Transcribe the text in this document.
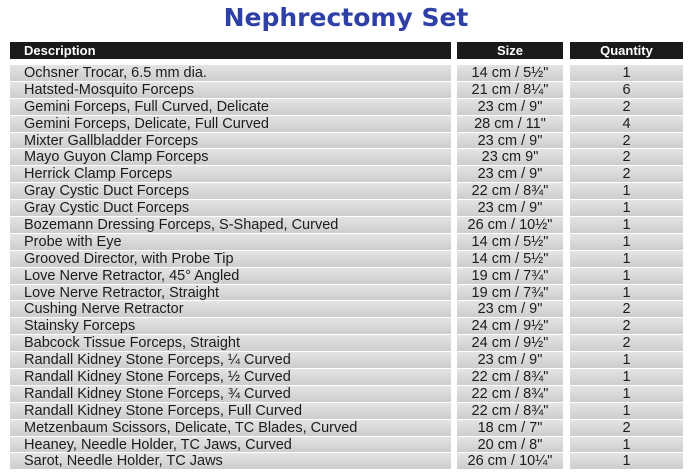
Nephrectomy Set
Description	Size	Quantity
Ochsner Trocar, 6.5 mm dia.	14 cm / 5½"	1
Hatsted-Mosquito Forceps	21 cm / 8¼"	6
Gemini Forceps, Full Curved, Delicate	23 cm / 9"	2
Gemini Forceps, Delicate, Full Curved	28 cm / 11"	4
Mixter Gallbladder Forceps	23 cm / 9"	2
Mayo Guyon Clamp Forceps	23 cm 9"	2
Herrick Clamp Forceps	23 cm / 9"	2
Gray Cystic Duct Forceps	22 cm / 8¾"	1
Gray Cystic Duct Forceps	23 cm / 9"	1
Bozemann Dressing Forceps, S-Shaped, Curved	26 cm / 10½"	1
Probe with Eye	14 cm / 5½"	1
Grooved Director, with Probe Tip	14 cm / 5½"	1
Love Nerve Retractor, 45° Angled	19 cm / 7¾"	1
Love Nerve Retractor, Straight	19 cm / 7¾"	1
Cushing Nerve Retractor	23 cm / 9"	2
Stainsky Forceps	24 cm / 9½"	2
Babcock Tissue Forceps, Straight	24 cm / 9½"	2
Randall Kidney Stone Forceps, ¼ Curved	23 cm / 9"	1
Randall Kidney Stone Forceps, ½ Curved	22 cm / 8¾"	1
Randall Kidney Stone Forceps, ¾ Curved	22 cm / 8¾"	1
Randall Kidney Stone Forceps, Full Curved	22 cm / 8¾"	1
Metzenbaum Scissors, Delicate, TC Blades, Curved	18 cm / 7"	2
Heaney, Needle Holder, TC Jaws, Curved	20 cm / 8"	1
Sarot, Needle Holder, TC Jaws	26 cm / 10¼"	1
